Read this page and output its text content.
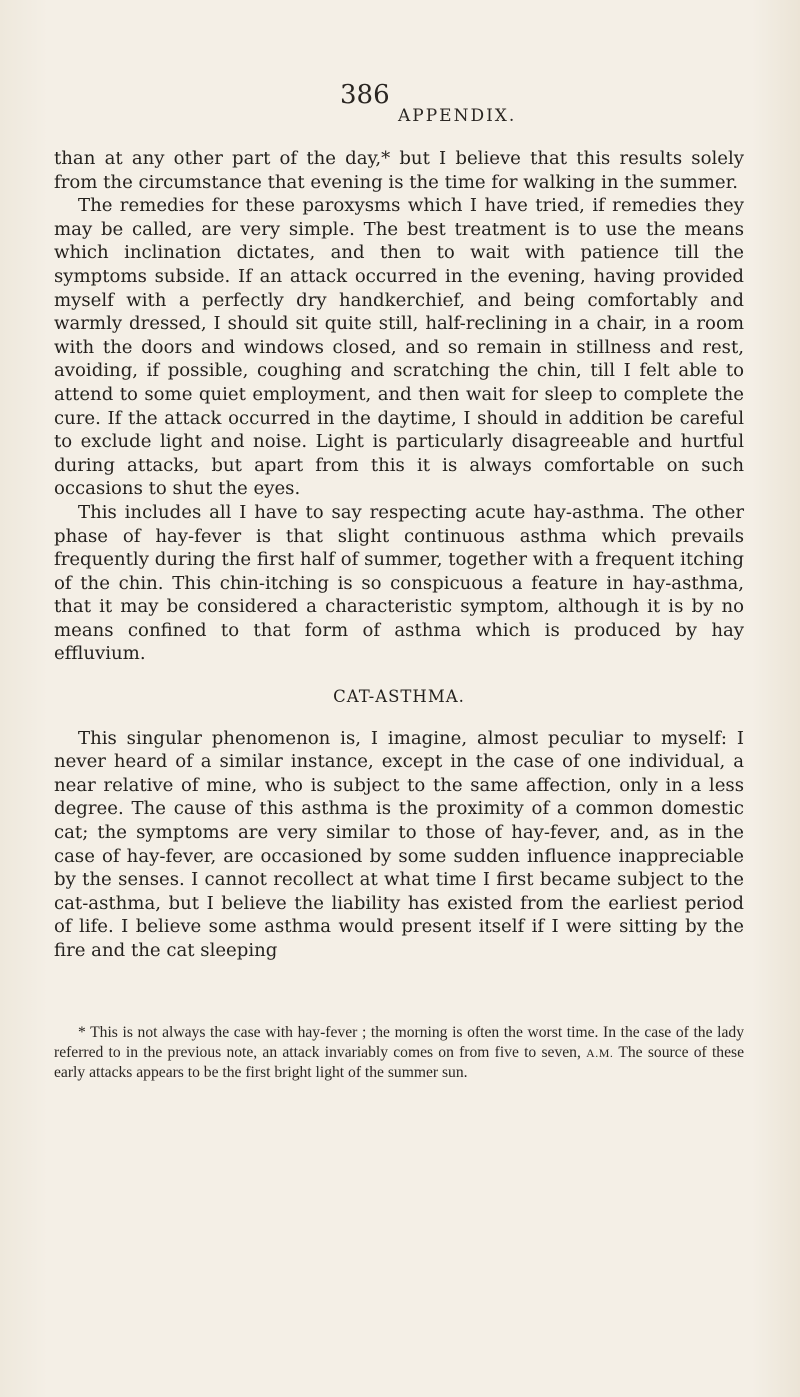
386
APPENDIX.

than at any other part of the day,* but I believe that this results solely from the circumstance that evening is the time for walking in the summer.

The remedies for these paroxysms which I have tried, if remedies they may be called, are very simple. The best treatment is to use the means which inclination dictates, and then to wait with patience till the symptoms subside. If an attack occurred in the evening, having provided myself with a perfectly dry handkerchief, and being comfortably and warmly dressed, I should sit quite still, half-reclining in a chair, in a room with the doors and windows closed, and so remain in stillness and rest, avoiding, if possible, coughing and scratching the chin, till I felt able to attend to some quiet employment, and then wait for sleep to complete the cure. If the attack occurred in the daytime, I should in addition be careful to exclude light and noise. Light is particularly disagreeable and hurtful during attacks, but apart from this it is always comfortable on such occasions to shut the eyes.

This includes all I have to say respecting acute hay-asthma. The other phase of hay-fever is that slight continuous asthma which prevails frequently during the first half of summer, together with a frequent itching of the chin. This chin-itching is so conspicuous a feature in hay-asthma, that it may be considered a characteristic symptom, although it is by no means confined to that form of asthma which is produced by hay effluvium.

CAT-ASTHMA.

This singular phenomenon is, I imagine, almost peculiar to myself: I never heard of a similar instance, except in the case of one individual, a near relative of mine, who is subject to the same affection, only in a less degree. The cause of this asthma is the proximity of a common domestic cat; the symptoms are very similar to those of hay-fever, and, as in the case of hay-fever, are occasioned by some sudden influence inappreciable by the senses. I cannot recollect at what time I first became subject to the cat-asthma, but I believe the liability has existed from the earliest period of life. I believe some asthma would present itself if I were sitting by the fire and the cat sleeping

* This is not always the case with hay-fever ; the morning is often the worst time. In the case of the lady referred to in the previous note, an attack invariably comes on from five to seven, A.M. The source of these early attacks appears to be the first bright light of the summer sun.
